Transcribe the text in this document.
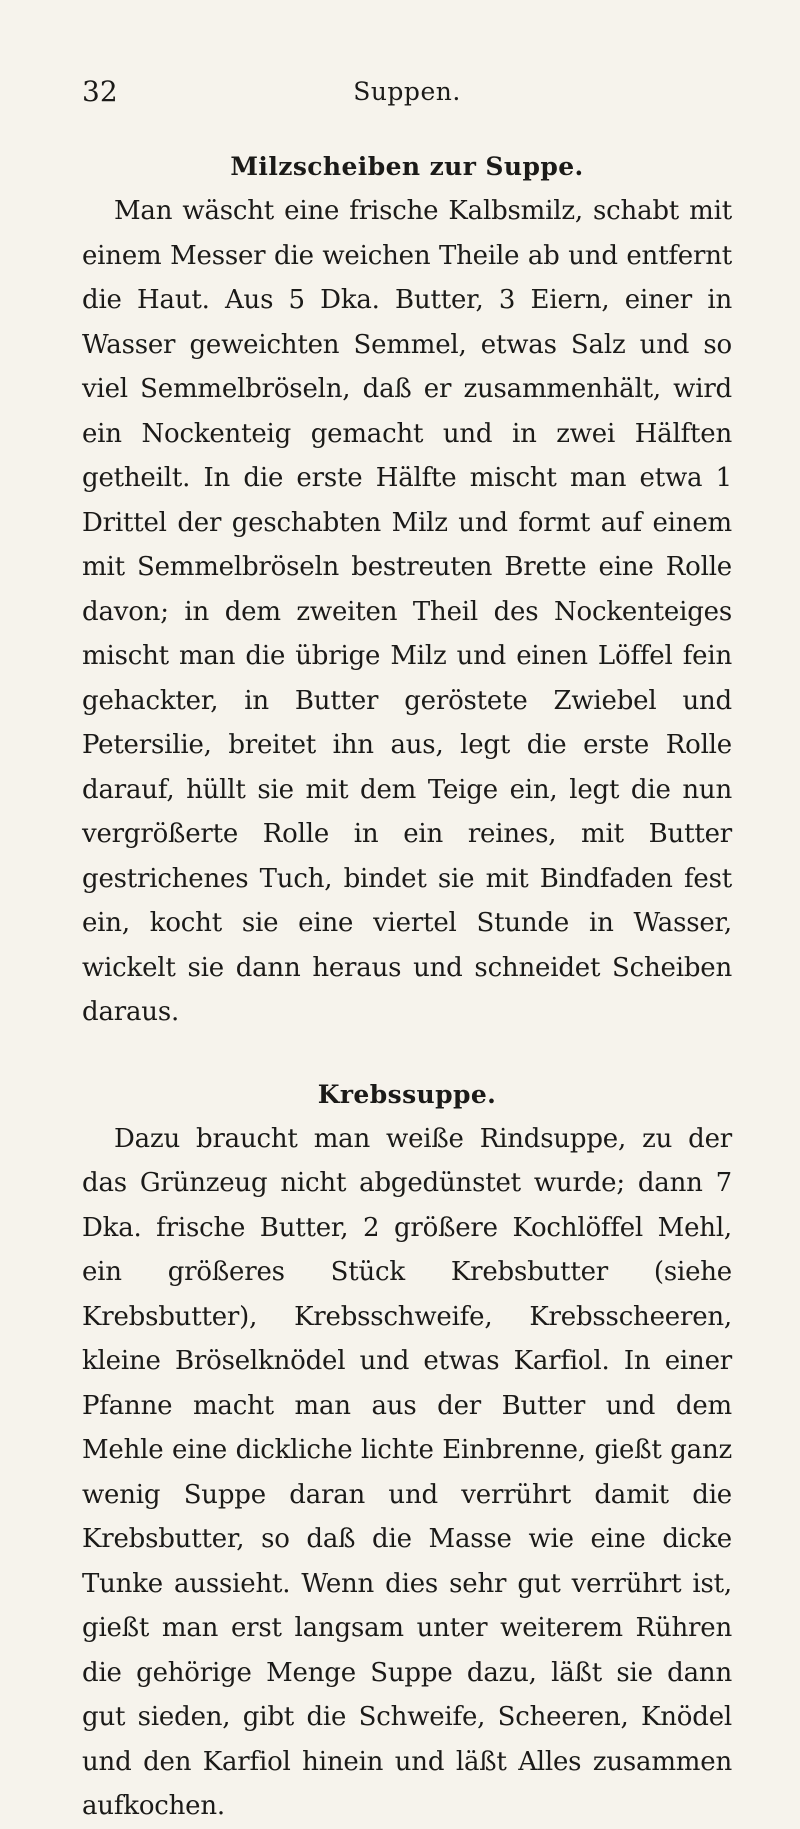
32	Suppen.
Milzscheiben zur Suppe.

Man wäscht eine frische Kalbsmilz, schabt mit einem Messer die weichen Theile ab und entfernt die Haut. Aus 5 Dka. Butter, 3 Eiern, einer in Wasser geweichten Semmel, etwas Salz und so viel Semmelbröseln, daß er zusammenhält, wird ein Nockenteig gemacht und in zwei Hälften getheilt. In die erste Hälfte mischt man etwa 1 Drittel der geschabten Milz und formt auf einem mit Semmelbröseln bestreuten Brette eine Rolle davon; in dem zweiten Theil des Nockenteiges mischt man die übrige Milz und einen Löffel fein gehackter, in Butter geröstete Zwiebel und Petersilie, breitet ihn aus, legt die erste Rolle darauf, hüllt sie mit dem Teige ein, legt die nun vergrößerte Rolle in ein reines, mit Butter gestrichenes Tuch, bindet sie mit Bindfaden fest ein, kocht sie eine viertel Stunde in Wasser, wickelt sie dann heraus und schneidet Scheiben daraus.

Krebssuppe.

Dazu braucht man weiße Rindsuppe, zu der das Grünzeug nicht abgedünstet wurde; dann 7 Dka. frische Butter, 2 größere Kochlöffel Mehl, ein größeres Stück Krebsbutter (siehe Krebsbutter), Krebsschweife, Krebsscheeren, kleine Bröselknödel und etwas Karfiol. In einer Pfanne macht man aus der Butter und dem Mehle eine dickliche lichte Einbrenne, gießt ganz wenig Suppe daran und verrührt damit die Krebsbutter, so daß die Masse wie eine dicke Tunke aussieht. Wenn dies sehr gut verrührt ist, gießt man erst langsam unter weiterem Rühren die gehörige Menge Suppe dazu, läßt sie dann gut sieden, gibt die Schweife, Scheeren, Knödel und den Karfiol hinein und läßt Alles zusammen aufkochen.
